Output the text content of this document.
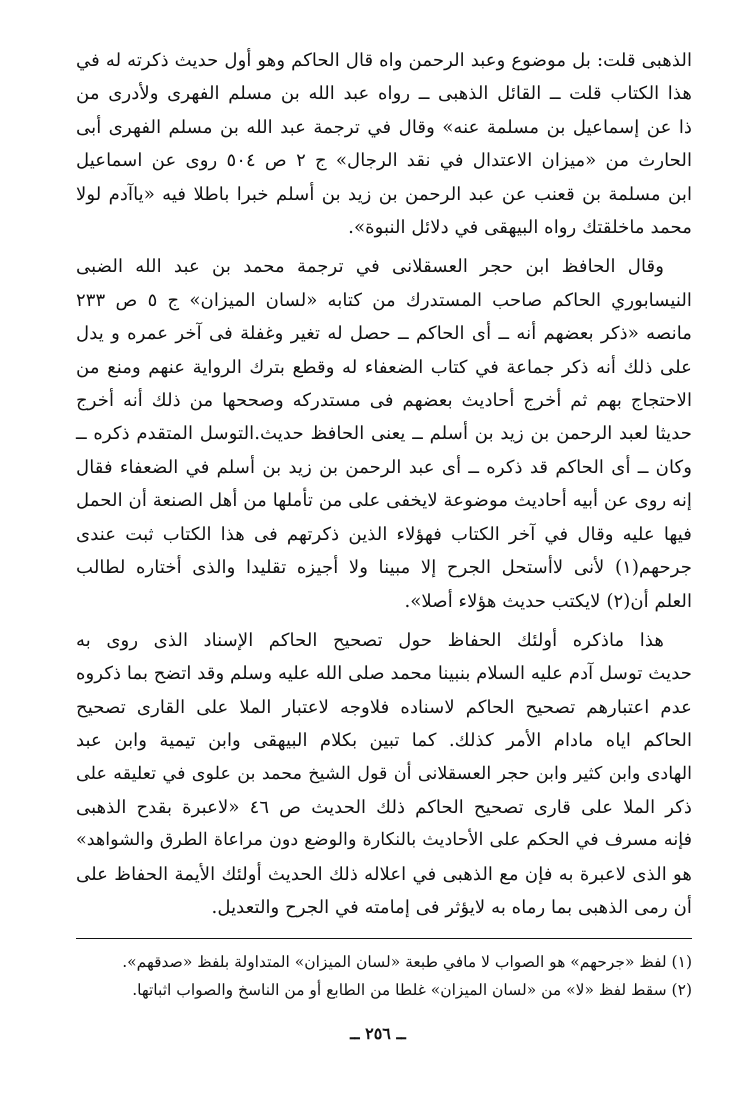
الذهبى قلت: بل موضوع وعبد الرحمن واه قال الحاكم وهو أول حديث ذكرته له في
هذا الكتاب قلت ــ القائل الذهبى ــ رواه عبد الله بن مسلم الفهرى ولأدرى من
ذا عن إسماعيل بن مسلمة عنه» وقال في ترجمة عبد الله بن مسلم الفهرى أبى
الحارث من «ميزان الاعتدال في نقد الرجال» ج ٢ ص ٥٠٤ روى عن اسماعيل
ابن مسلمة بن قعنب عن عبد الرحمن بن زيد بن أسلم خبرا باطلا فيه «ياآدم لولا
محمد ماخلقتك رواه البيهقى في دلائل النبوة».
وقال الحافظ ابن حجر العسقلانى في ترجمة محمد بن عبد الله الضبى
النيسابوري الحاكم صاحب المستدرك من كتابه «لسان الميزان» ج ٥ ص ٢٣٣
مانصه «ذكر بعضهم أنه ــ أى الحاكم ــ حصل له تغير وغفلة فى آخر عمره و يدل
على ذلك أنه ذكر جماعة في كتاب الضعفاء له وقطع بترك الرواية عنهم ومنع من
الاحتجاج بهم ثم أخرج أحاديث بعضهم فى مستدركه وصححها من ذلك أنه أخرج
حديثا لعبد الرحمن بن زيد بن أسلم ــ يعنى الحافظ حديث.التوسل المتقدم ذكره ــ
وكان ــ أى الحاكم قد ذكره ــ أى عبد الرحمن بن زيد بن أسلم في الضعفاء فقال
إنه روى عن أبيه أحاديث موضوعة لايخفى على من تأملها من أهل الصنعة أن الحمل
فيها عليه وقال في آخر الكتاب فهؤلاء الذين ذكرتهم فى هذا الكتاب ثبت عندى
جرحهم(١) لأنى لاأستحل الجرح إلا مبينا ولا أجيزه تقليدا والذى أختاره لطالب
العلم أن(٢) لايكتب حديث هؤلاء أصلا».
هذا ماذكره أولئك الحفاظ حول تصحيح الحاكم الإسناد الذى روى به
حديث توسل آدم عليه السلام بنبينا محمد صلى الله عليه وسلم وقد اتضح بما ذكروه
عدم اعتبارهم تصحيح الحاكم لاسناده فلاوجه لاعتبار الملا على القارى تصحيح
الحاكم اياه مادام الأمر كذلك. كما تبين بكلام البيهقى وابن تيمية وابن عبد
الهادى وابن كثير وابن حجر العسقلانى أن قول الشيخ محمد بن علوى في تعليقه على
ذكر الملا على قارى تصحيح الحاكم ذلك الحديث ص ٤٦ «لاعبرة بقدح الذهبى
فإنه مسرف في الحكم على الأحاديث بالنكارة والوضع دون مراعاة الطرق والشواهد»
هو الذى لاعبرة به فإن مع الذهبى في اعلاله ذلك الحديث أولئك الأيمة الحفاظ على
أن رمى الذهبى بما رماه به لايؤثر فى إمامته في الجرح والتعديل.
(١) لفظ «جرحهم» هو الصواب لا مافي طبعة «لسان الميزان» المتداولة بلفظ «صدقهم».
(٢) سقط لفظ «لا» من «لسان الميزان» غلطا من الطابع أو من الناسخ والصواب اثباتها.
ــ ٢٥٦ ــ
